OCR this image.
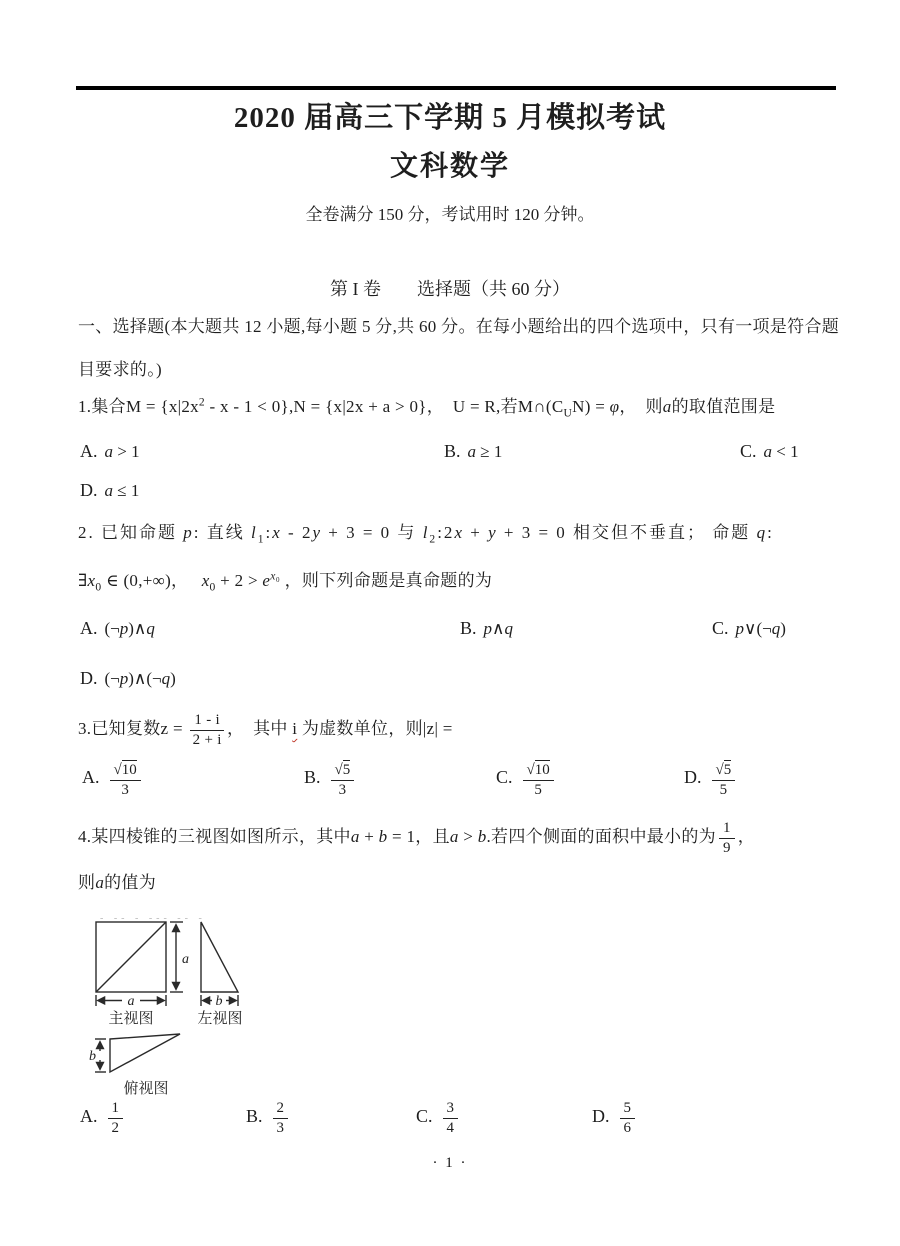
2020 届高三下学期 5 月模拟考试
文科数学
全卷满分 150 分，考试用时 120 分钟。
第 I 卷　　选择题（共 60 分）
一、选择题(本大题共 12 小题,每小题 5 分,共 60 分。在每小题给出的四个选项中，只有一项是符合题
目要求的。)
1.集合$M = \{x|2x^2 - x - 1 < 0\},N = \{x|2x + a > 0\}$，　U = R,若$M\cap(C_UN) = \varphi$，　则a的取值范围是
A. a > 1	B. a ≥ 1	C. a < 1
D. a ≤ 1
2. 已知命题 p: 直线 $l_1:x - 2y + 3 = 0$ 与 $l_2:2x + y + 3 = 0$ 相交但不垂直； 命题 q:
$\exists x_0$ ∈ (0,+∞)，　 $x_0 + 2 > e^{x_0}$ ，则下列命题是真命题的为
A. (¬p)∧q	B. p∧q	C. p∨(¬q)
D. (¬p)∧(¬q)
3.已知复数$z = \frac{1 - i}{2 + i}$ ，　其中 i 为虚数单位，则|z| =
A. $\frac{√10}{3}$	B. $\frac{√5}{3}$	C. $\frac{√10}{5}$	D. $\frac{√5}{5}$
4.某四棱锥的三视图如图所示，其中a + b = 1，且a > b.若四个侧面的面积中最小的为 $\frac{1}{9}$ ，
则a的值为
- -- - --- -- -
a
a	b
b
主视图	左视图
俯视图
A. $\frac{1}{2}$	B. $\frac{2}{3}$	C. $\frac{3}{4}$	D. $\frac{5}{6}$
· 1 ·
